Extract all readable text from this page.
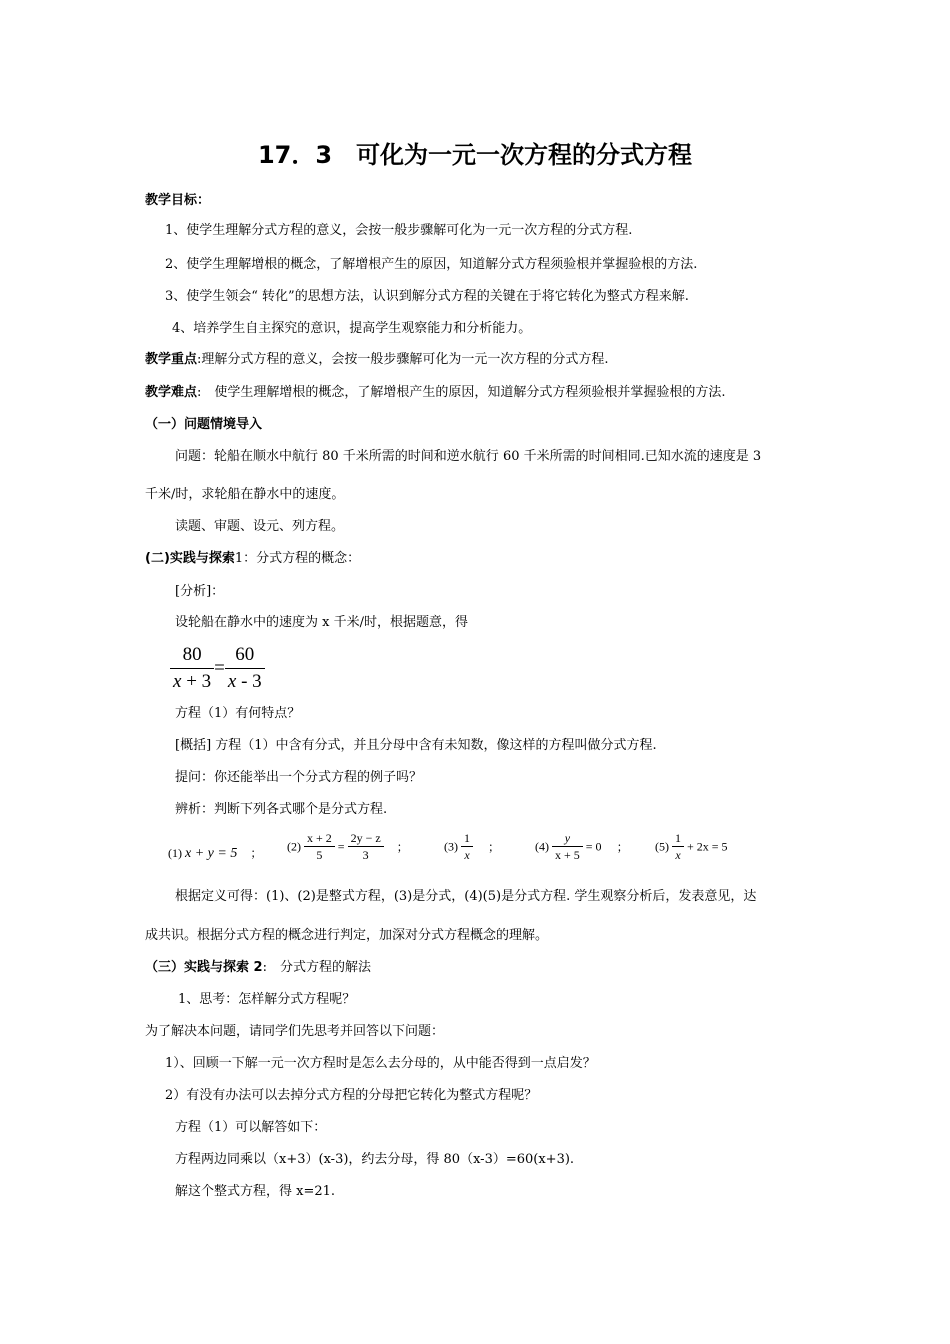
17．3　可化为一元一次方程的分式方程
教学目标：
1、使学生理解分式方程的意义，会按一般步骤解可化为一元一次方程的分式方程.
2、使学生理解增根的概念，了解增根产生的原因，知道解分式方程须验根并掌握验根的方法.
3、使学生领会“ 转化”的思想方法，认识到解分式方程的关键在于将它转化为整式方程来解.
4、培养学生自主探究的意识，提高学生观察能力和分析能力。
教学重点:理解分式方程的意义，会按一般步骤解可化为一元一次方程的分式方程.
教学难点:　使学生理解增根的概念，了解增根产生的原因，知道解分式方程须验根并掌握验根的方法.
（一）问题情境导入
问题：轮船在顺水中航行 80 千米所需的时间和逆水航行 60 千米所需的时间相同.已知水流的速度是 3
千米/时，求轮船在静水中的速度。
读题、审题、设元、列方程。
(二)实践与探索1：分式方程的概念：
[分析]：
设轮船在静水中的速度为 x 千米/时，根据题意，得
$\frac{80}{x + 3} = \frac{60}{x - 3}$
方程（1）有何特点？
[概括] 方程（1）中含有分式，并且分母中含有未知数，像这样的方程叫做分式方程.
提问：你还能举出一个分式方程的例子吗？
辨析：判断下列各式哪个是分式方程.
(1) x + y = 5 ； $(2) \frac{x + 2}{5} = \frac{2y - z}{3}$ ；	$(3) \frac{1}{x}$ ；	$(4) \frac{y}{x + 5} = 0$ ； $(5) \frac{1}{x} + 2x = 5$
根据定义可得：(1)、(2)是整式方程，(3)是分式，(4)(5)是分式方程. 学生观察分析后，发表意见，达
成共识。根据分式方程的概念进行判定，加深对分式方程概念的理解。
（三）实践与探索 2:　分式方程的解法
1、思考：怎样解分式方程呢？
为了解决本问题，请同学们先思考并回答以下问题：
1）、回顾一下解一元一次方程时是怎么去分母的，从中能否得到一点启发？
2）有没有办法可以去掉分式方程的分母把它转化为整式方程呢？
方程（1）可以解答如下：
方程两边同乘以（x+3）(x-3)，约去分母，得 80（x-3）=60(x+3).
解这个整式方程，得 x=21.
